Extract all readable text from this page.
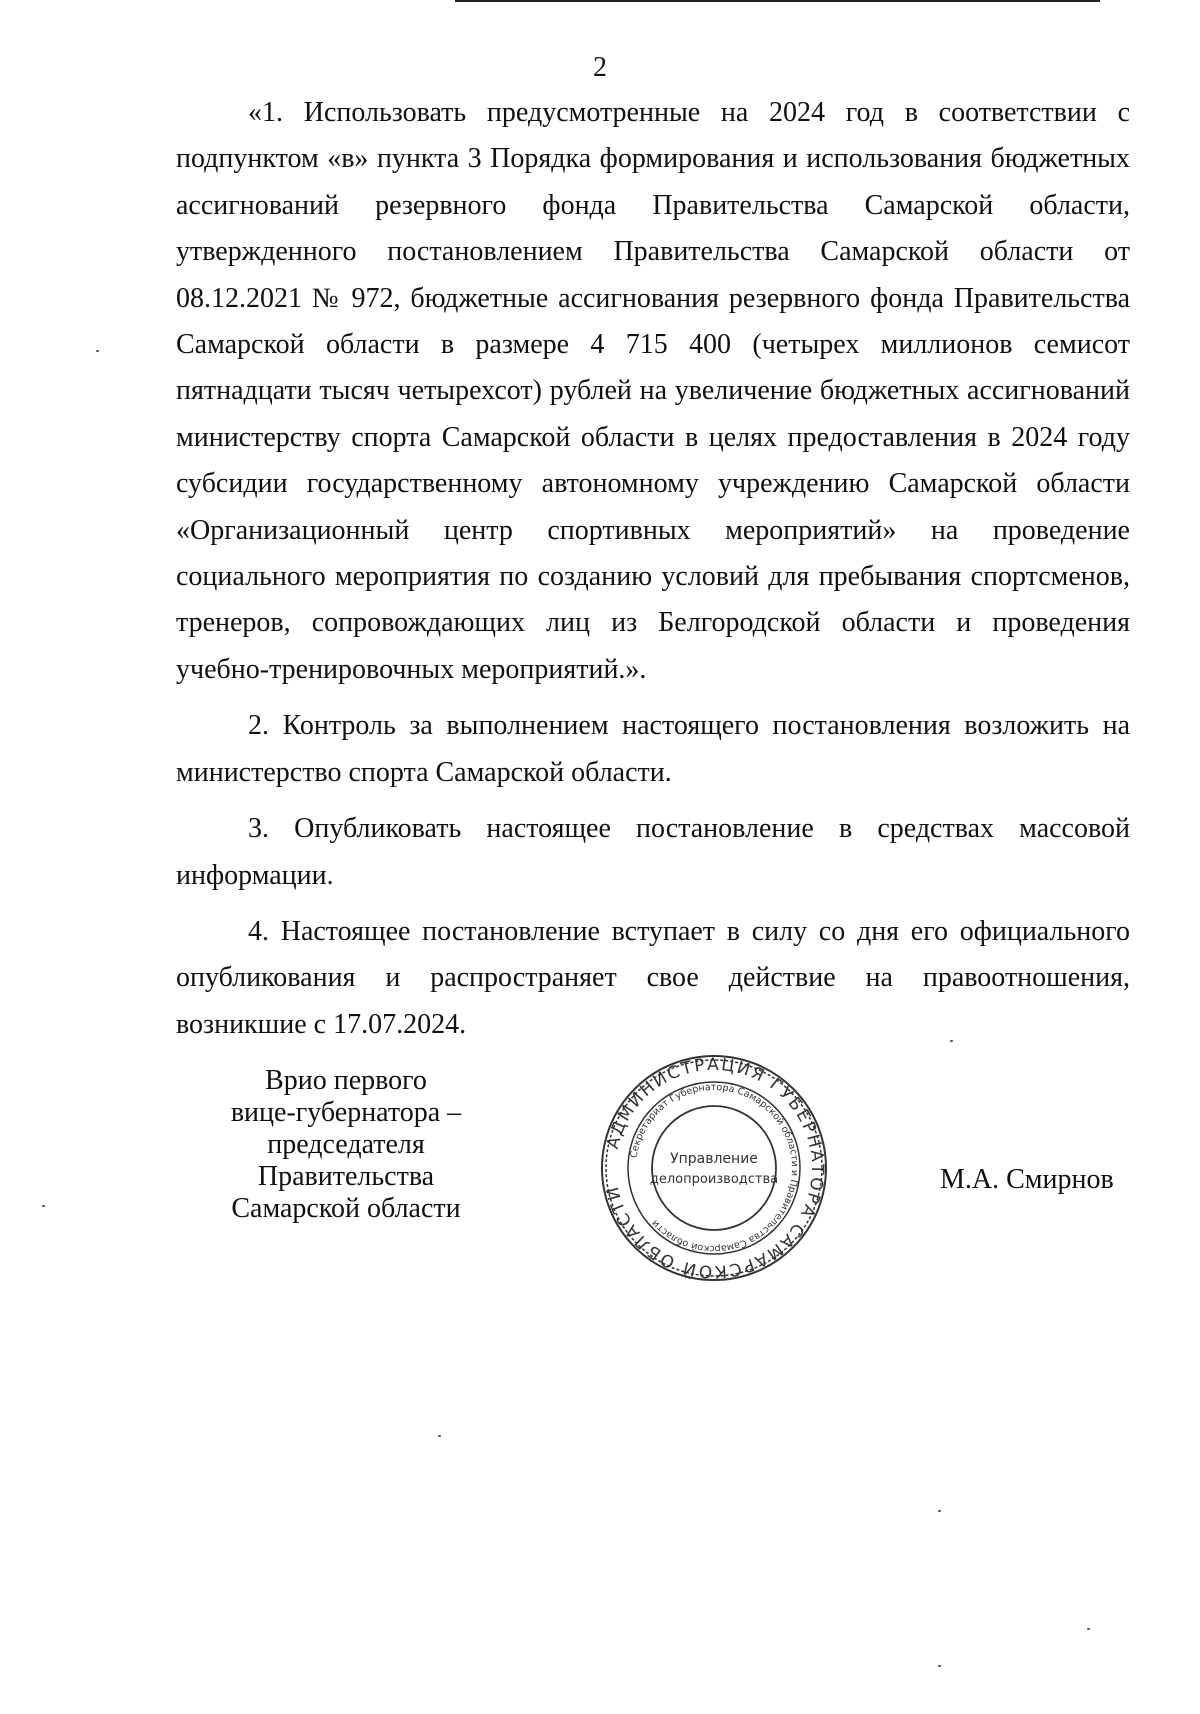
2

«1. Использовать предусмотренные на 2024 год в соответствии с подпунктом «в» пункта 3 Порядка формирования и использования бюджетных ассигнований резервного фонда Правительства Самарской области, утвержденного постановлением Правительства Самарской области от 08.12.2021 № 972, бюджетные ассигнования резервного фонда Правительства Самарской области в размере 4 715 400 (четырех миллионов семисот пятнадцати тысяч четырехсот) рублей на увеличение бюджетных ассигнований министерству спорта Самарской области в целях предоставления в 2024 году субсидии государственному автономному учреждению Самарской области «Организационный центр спортивных мероприятий» на проведение социального мероприятия по созданию условий для пребывания спортсменов, тренеров, сопровождающих лиц из Белгородской области и проведения учебно-тренировочных мероприятий.».

2. Контроль за выполнением настоящего постановления возложить на министерство спорта Самарской области.

3. Опубликовать настоящее постановление в средствах массовой информации.

4. Настоящее постановление вступает в силу со дня его официального опубликования и распространяет свое действие на правоотношения, возникшие с 17.07.2024.

Врио первого
вице-губернатора –
председателя Правительства
Самарской области
АДМИНИСТРАЦИЯ ГУБЕРНАТОРА САМАРСКОЙ ОБЛАСТИ
Секретариат Губернатора Самарской области и Правительства Самарской области
Управление
делопроизводства	М.А. Смирнов
